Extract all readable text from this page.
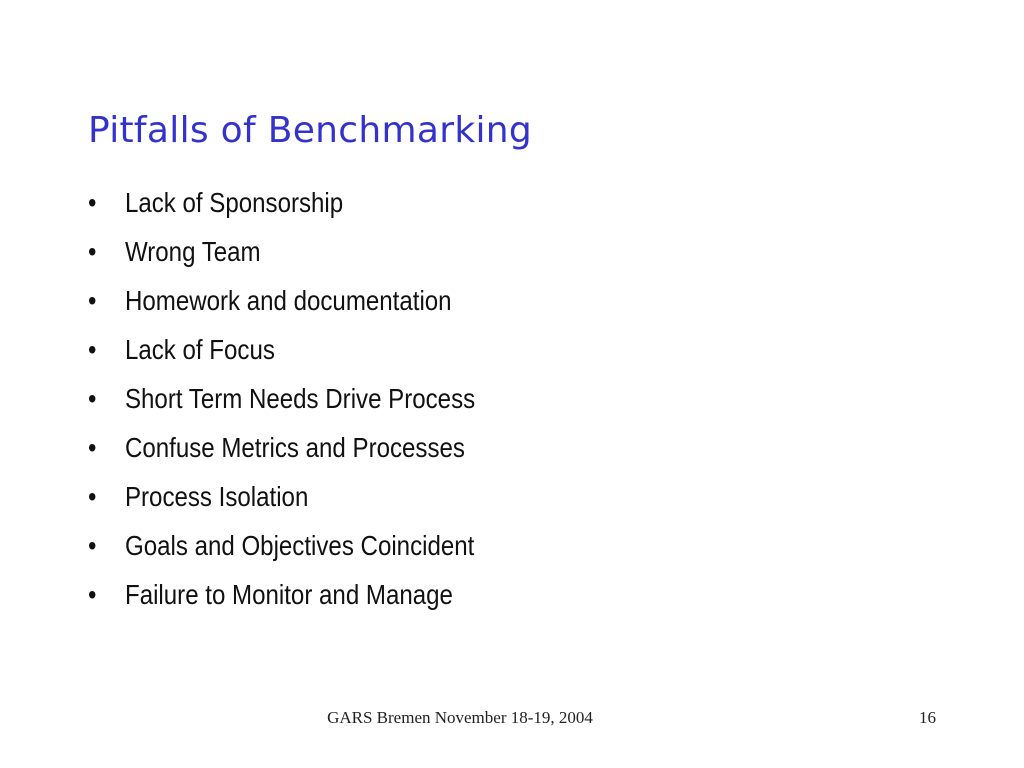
Pitfalls of Benchmarking
•	Lack of Sponsorship
•	Wrong Team
•	Homework and documentation
•	Lack of Focus
•	Short Term Needs Drive Process
•	Confuse Metrics and Processes
•	Process Isolation
•	Goals and Objectives Coincident
•	Failure to Monitor and Manage
GARS Bremen November 18-19, 2004	16
